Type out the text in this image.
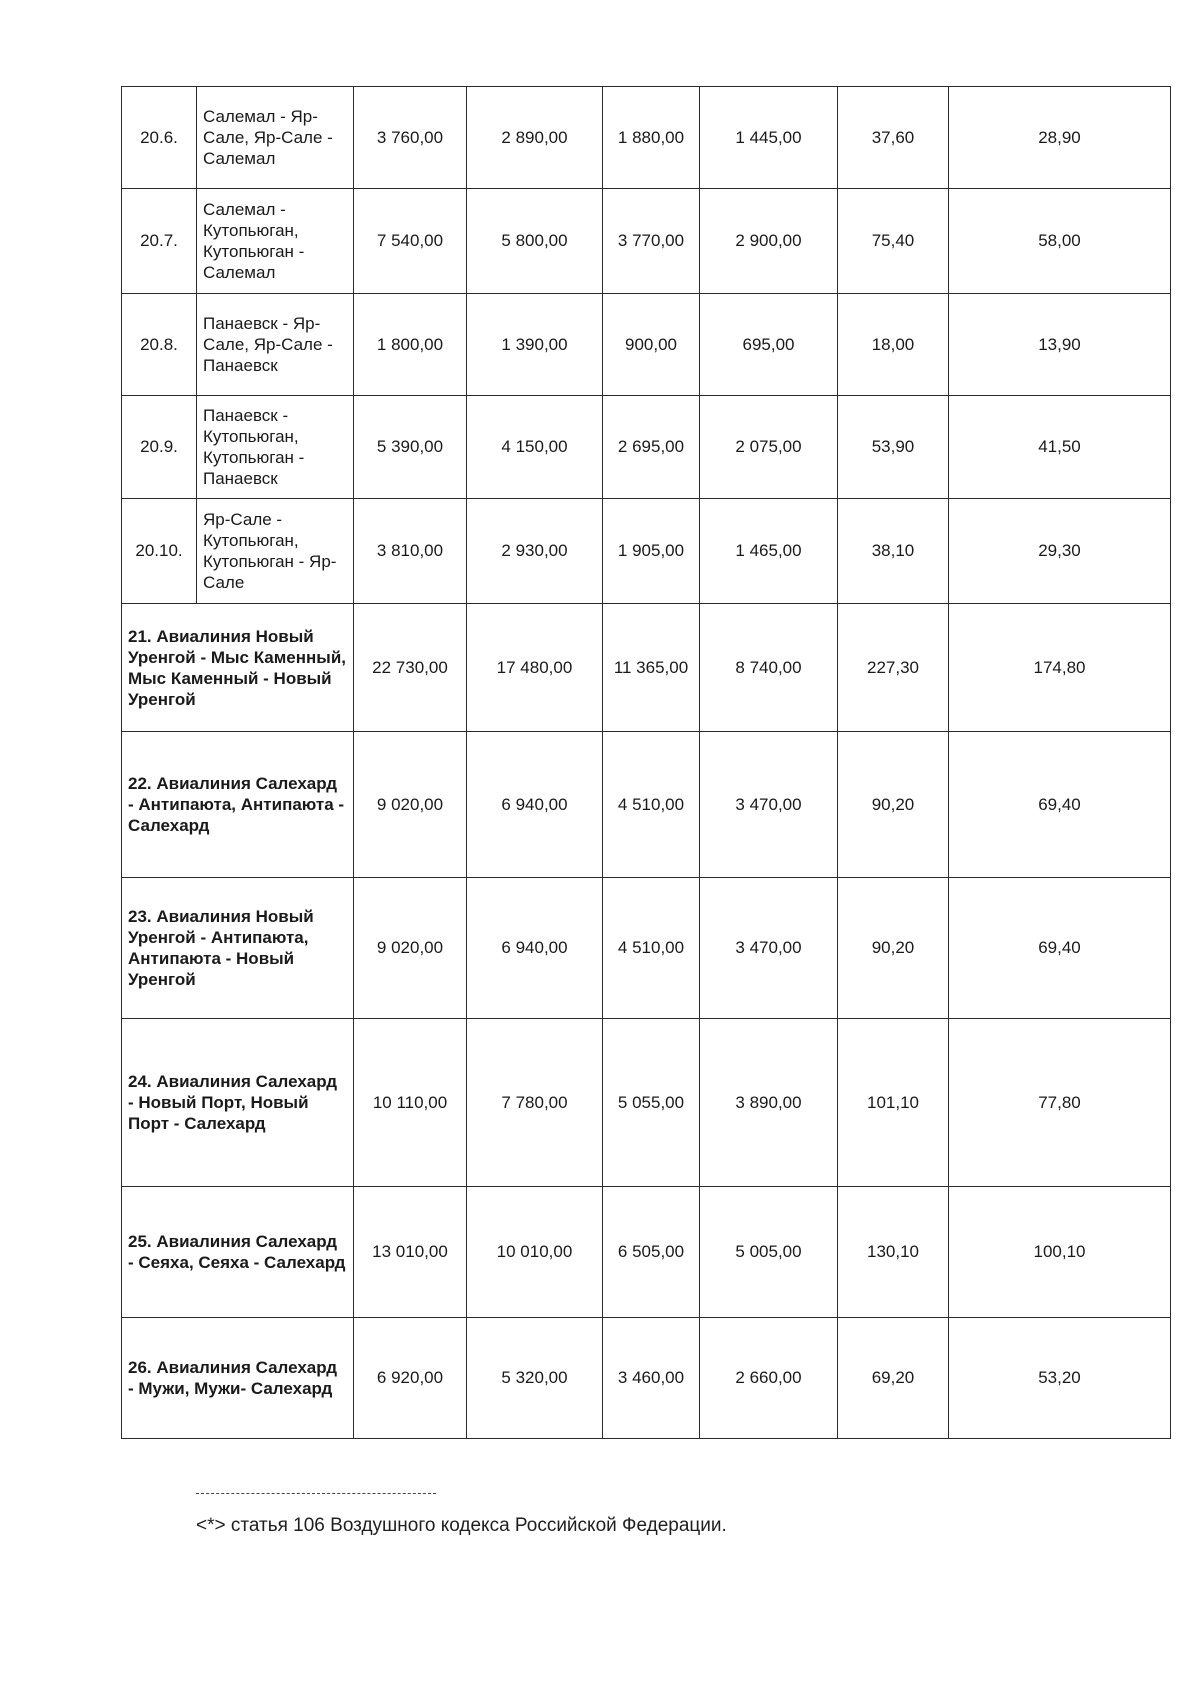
20.6.	Салемал - Яр-Сале, Яр-Сале - Салемал	3 760,00	2 890,00	1 880,00	1 445,00	37,60	28,90
20.7.	Салемал - Кутопьюган, Кутопьюган - Салемал	7 540,00	5 800,00	3 770,00	2 900,00	75,40	58,00
20.8.	Панаевск - Яр-Сале, Яр-Сале - Панаевск	1 800,00	1 390,00	900,00	695,00	18,00	13,90
20.9.	Панаевск - Кутопьюган, Кутопьюган - Панаевск	5 390,00	4 150,00	2 695,00	2 075,00	53,90	41,50
20.10.	Яр-Сале - Кутопьюган, Кутопьюган - Яр-Сале	3 810,00	2 930,00	1 905,00	1 465,00	38,10	29,30
21. Авиалиния Новый Уренгой - Мыс Каменный, Мыс Каменный - Новый Уренгой		22 730,00	17 480,00	11 365,00	8 740,00	227,30	174,80
22. Авиалиния Салехард - Антипаюта, Антипаюта - Салехард		9 020,00	6 940,00	4 510,00	3 470,00	90,20	69,40
23. Авиалиния Новый Уренгой - Антипаюта, Антипаюта - Новый Уренгой		9 020,00	6 940,00	4 510,00	3 470,00	90,20	69,40
24. Авиалиния Салехард - Новый Порт, Новый Порт - Салехард		10 110,00	7 780,00	5 055,00	3 890,00	101,10	77,80
25. Авиалиния Салехард - Сеяха, Сеяха - Салехард		13 010,00	10 010,00	6 505,00	5 005,00	130,10	100,10
26. Авиалиния Салехард - Мужи, Мужи- Салехард		6 920,00	5 320,00	3 460,00	2 660,00	69,20	53,20
<*> статья 106 Воздушного кодекса Российской Федерации.
